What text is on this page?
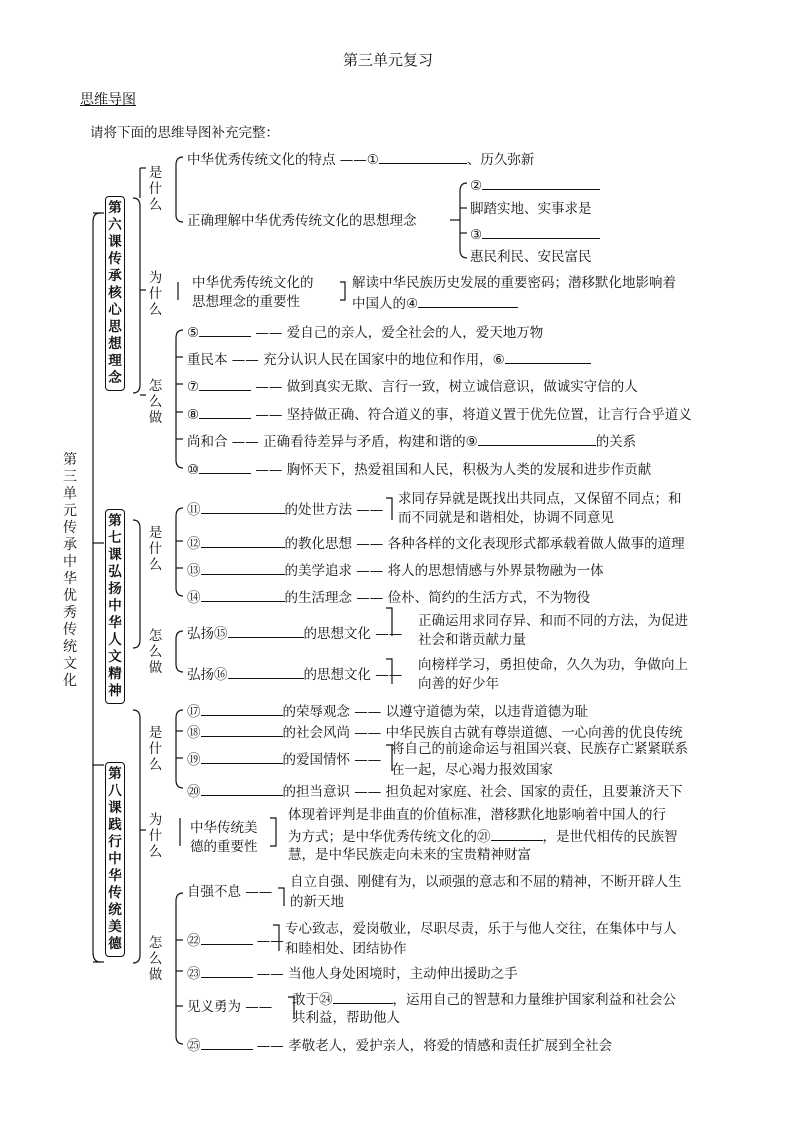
第三单元复习
思维导图
请将下面的思维导图补充完整：
第三单元　传承中华优秀传统文化
第六课　传承核心思想理念
是什么
为什么
怎么做
中华优秀传统文化的特点 ——①	、历久弥新
正确理解中华优秀传统文化的思想理念
②
脚踏实地、实事求是
③
惠民利民、安民富民
中华优秀传统文化的
思想理念的重要性
解读中华民族历史发展的重要密码；潜移默化地影响着
中国人的④
⑤	—— 爱自己的亲人，爱全社会的人，爱天地万物
重民本 —— 充分认识人民在国家中的地位和作用，⑥
⑦	—— 做到真实无欺、言行一致，树立诚信意识，做诚实守信的人
⑧	—— 坚持做正确、符合道义的事，将道义置于优先位置，让言行合乎道义
尚和合 —— 正确看待差异与矛盾，构建和谐的⑨	的关系
⑩	—— 胸怀天下，热爱祖国和人民，积极为人类的发展和进步作贡献
第七课　弘扬中华人文精神
是什么
怎么做
⑪	的处世方法 ——
求同存异就是既找出共同点，又保留不同点；和
而不同就是和谐相处，协调不同意见
⑫	的教化思想 —— 各种各样的文化表现形式都承载着做人做事的道理
⑬	的美学追求 —— 将人的思想情感与外界景物融为一体
⑭	的生活理念 —— 俭朴、简约的生活方式，不为物役
弘扬⑮	的思想文化 ——
正确运用求同存异、和而不同的方法，为促进
社会和谐贡献力量
弘扬⑯	的思想文化 ——
向榜样学习，勇担使命，久久为功，争做向上
向善的好少年
第八课　践行中华传统美德
是什么
为什么
怎么做
⑰	的荣辱观念 —— 以遵守道德为荣，以违背道德为耻
⑱	的社会风尚 —— 中华民族自古就有尊崇道德、一心向善的优良传统
⑲	的爱国情怀 ——
将自己的前途命运与祖国兴衰、民族存亡紧紧联系
在一起，尽心竭力报效国家
⑳	的担当意识 —— 担负起对家庭、社会、国家的责任，且要兼济天下
中华传统美
德的重要性
体现着评判是非曲直的价值标准，潜移默化地影响着中国人的行
为方式；是中华优秀传统文化的㉑	，是世代相传的民族智
慧，是中华民族走向未来的宝贵精神财富
自强不息 ——
自立自强、刚健有为，以顽强的意志和不屈的精神，不断开辟人生
的新天地
㉒	——
专心致志，爱岗敬业，尽职尽责，乐于与他人交往，在集体中与人
和睦相处、团结协作
㉓	—— 当他人身处困境时，主动伸出援助之手
见义勇为 —— 敢于㉔	，运用自己的智慧和力量维护国家利益和社会公
共利益，帮助他人
㉕	—— 孝敬老人，爱护亲人，将爱的情感和责任扩展到全社会
